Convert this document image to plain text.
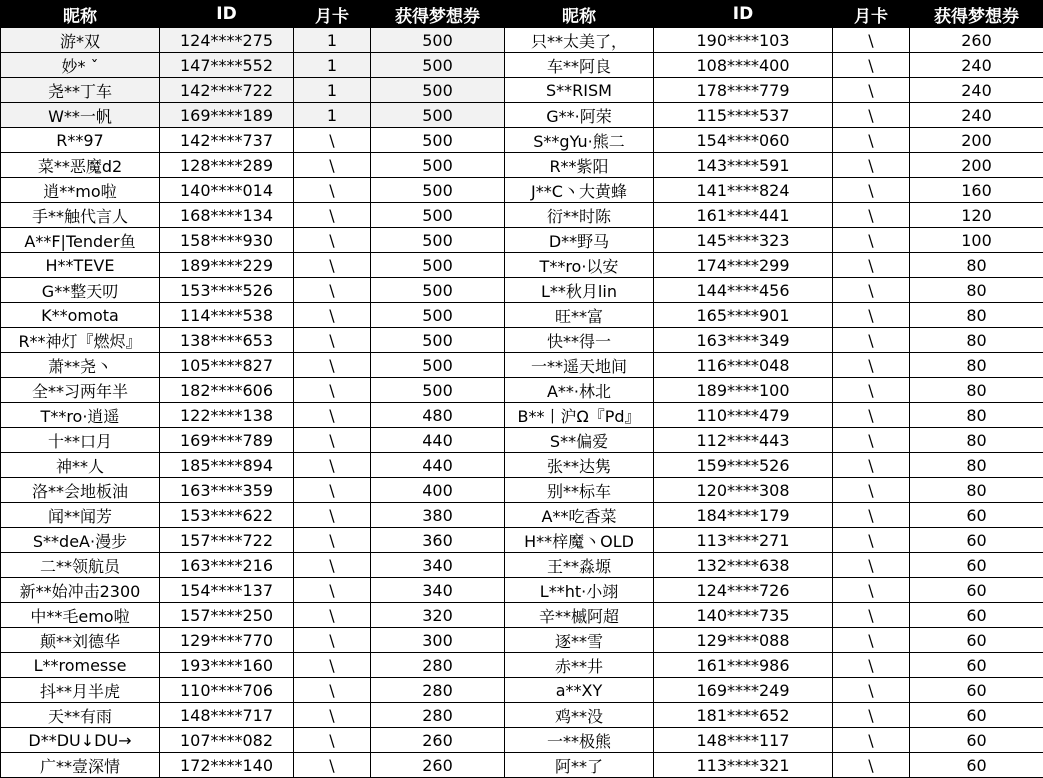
昵称	ID	月卡	获得梦想券	昵称	ID	月卡	获得梦想券
游*双	124****275	1	500	只**太美了，	190****103	\	260
妙* ˇ	147****552	1	500	车**阿良	108****400	\	240
尧**丁车	142****722	1	500	S**RISM	178****779	\	240
W**一帆	169****189	1	500	G**·阿荣	115****537	\	240
R**97	142****737	\	500	S**gYu·熊二	154****060	\	200
菜**恶魔d2	128****289	\	500	R**紫阳	143****591	\	200
逍**mo啦	140****014	\	500	J**C丶大黄蜂	141****824	\	160
手**触代言人	168****134	\	500	衍**时陈	161****441	\	120
A**F|Tender鱼	158****930	\	500	D**野马	145****323	\	100
H**TEVE	189****229	\	500	T**ro·以安	174****299	\	80
G**整天叨	153****526	\	500	L**秋月lin	144****456	\	80
K**omota	114****538	\	500	旺**富	165****901	\	80
R**神灯『燃烬』	138****653	\	500	快**得一	163****349	\	80
萧**尧丶	105****827	\	500	一**遥天地间	116****048	\	80
全**习两年半	182****606	\	500	A**·林北	189****100	\	80
T**ro·逍遥	122****138	\	480	B**丨沪Ω『Pd』	110****479	\	80
十**口月	169****789	\	440	S**偏爱	112****443	\	80
神**人	185****894	\	440	张**达隽	159****526	\	80
洛**会地板油	163****359	\	400	别**标车	120****308	\	80
闻**闻芳	153****622	\	380	A**吃香菜	184****179	\	60
S**deA·漫步	157****722	\	360	H**梓魔丶OLD	113****271	\	60
二**领航员	163****216	\	340	王**淼塬	132****638	\	60
新**始冲击2300	154****137	\	340	L**ht·小翊	124****726	\	60
中**毛emo啦	157****250	\	320	辛**槭阿超	140****735	\	60
颠**刘德华	129****770	\	300	逐**雪	129****088	\	60
L**romesse	193****160	\	280	赤**井	161****986	\	60
抖**月半虎	110****706	\	280	a**XY	169****249	\	60
天**有雨	148****717	\	280	鸡**没	181****652	\	60
D**DU↓DU→	107****082	\	260	一**极熊	148****117	\	60
广**壹深情	172****140	\	260	阿**了	113****321	\	60
